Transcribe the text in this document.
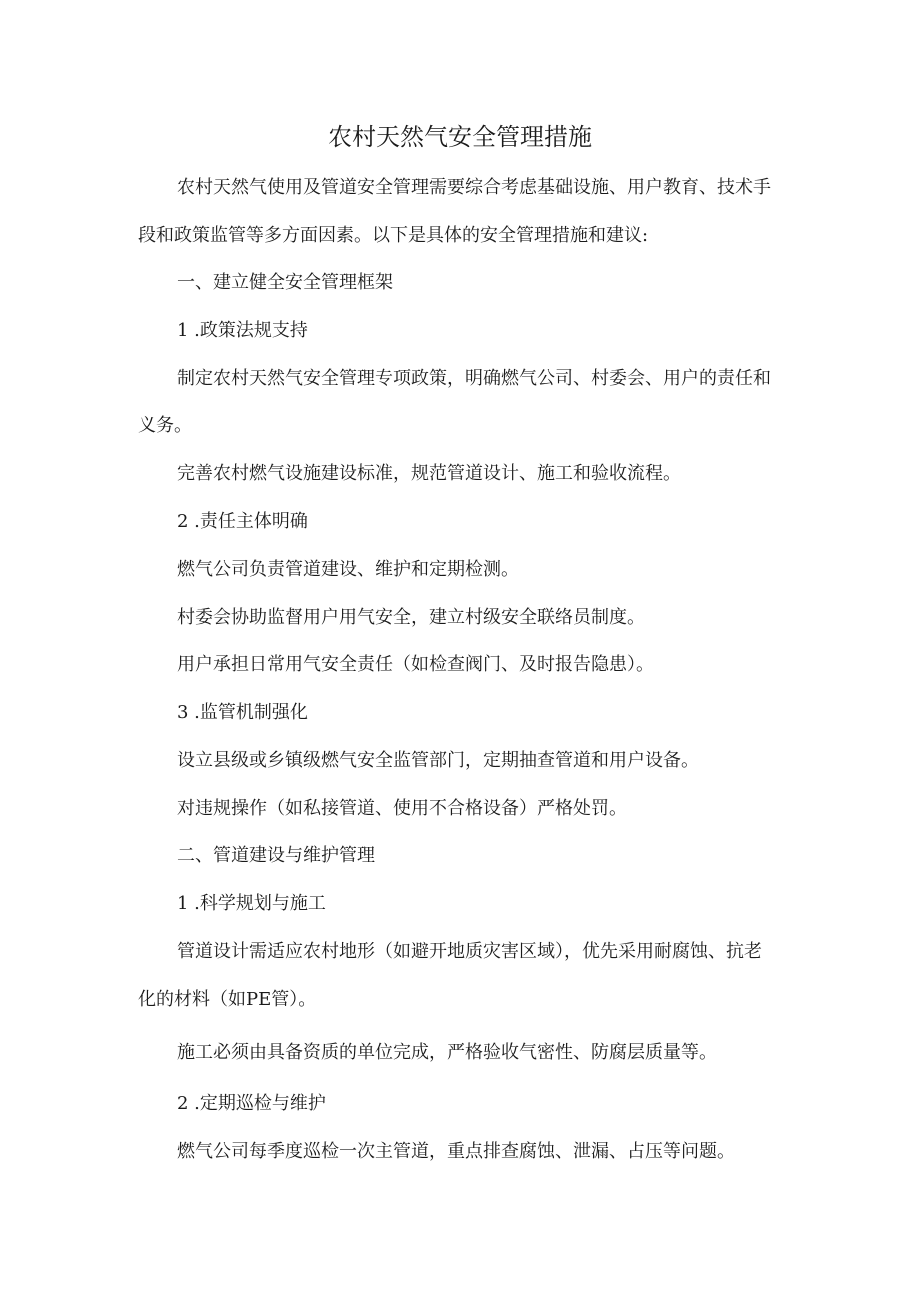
农村天然气安全管理措施

农村天然气使用及管道安全管理需要综合考虑基础设施、用户教育、技术手

段和政策监管等多方面因素。以下是具体的安全管理措施和建议:

一、建立健全安全管理框架

1 .政策法规支持

制定农村天然气安全管理专项政策，明确燃气公司、村委会、用户的责任和

义务。

完善农村燃气设施建设标准，规范管道设计、施工和验收流程。

2 .责任主体明确

燃气公司负责管道建设、维护和定期检测。

村委会协助监督用户用气安全，建立村级安全联络员制度。

用户承担日常用气安全责任（如检查阀门、及时报告隐患）。

3 .监管机制强化

设立县级或乡镇级燃气安全监管部门，定期抽查管道和用户设备。

对违规操作（如私接管道、使用不合格设备）严格处罚。

二、管道建设与维护管理

1 .科学规划与施工

管道设计需适应农村地形（如避开地质灾害区域），优先采用耐腐蚀、抗老

化的材料（如PE管）。

施工必须由具备资质的单位完成，严格验收气密性、防腐层质量等。

2 .定期巡检与维护

燃气公司每季度巡检一次主管道，重点排查腐蚀、泄漏、占压等问题。
